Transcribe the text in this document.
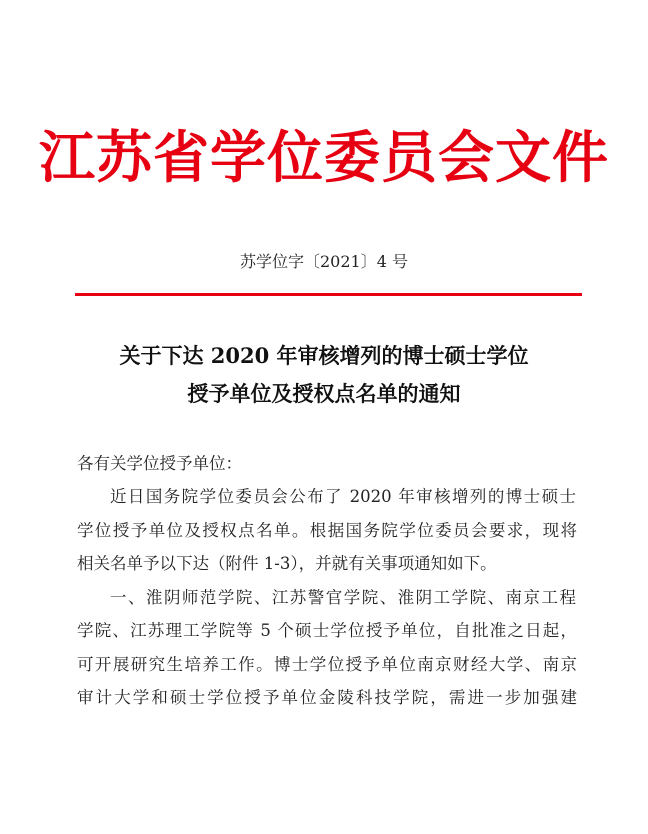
江苏省学位委员会文件
苏学位字〔2021〕4 号
关于下达 2020 年审核增列的博士硕士学位
授予单位及授权点名单的通知
各有关学位授予单位：
近日国务院学位委员会公布了 2020 年审核增列的博士硕士
学位授予单位及授权点名单。根据国务院学位委员会要求，现将
相关名单予以下达（附件 1-3），并就有关事项通知如下。
一、淮阴师范学院、江苏警官学院、淮阴工学院、南京工程
学院、江苏理工学院等 5 个硕士学位授予单位，自批准之日起，
可开展研究生培养工作。博士学位授予单位南京财经大学、南京
审计大学和硕士学位授予单位金陵科技学院，需进一步加强建
